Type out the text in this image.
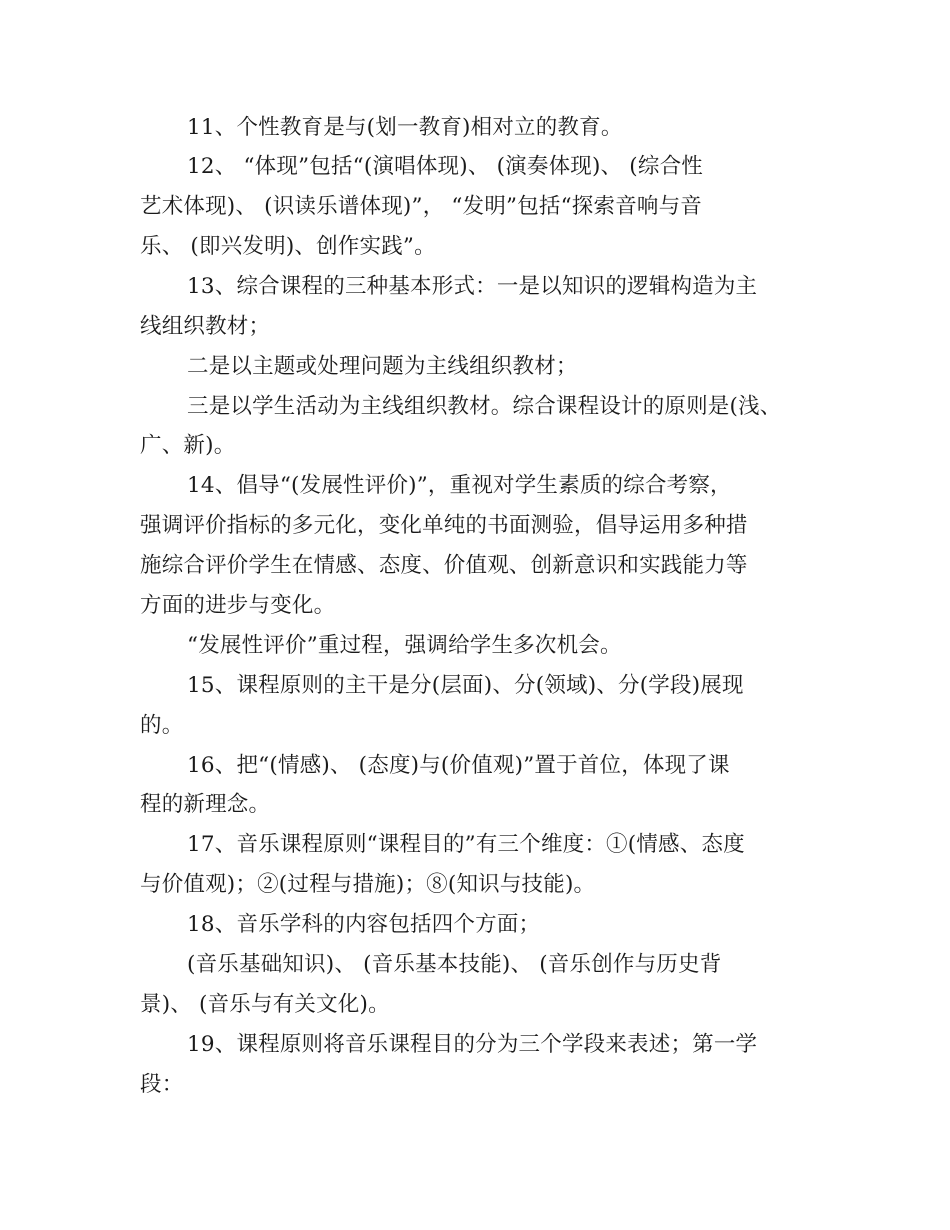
11、个性教育是与(划一教育)相对立的教育。
12、 “体现”包括“(演唱体现)、 (演奏体现)、 (综合性
艺术体现)、 (识读乐谱体现)”， “发明”包括“探索音响与音
乐、 (即兴发明)、创作实践”。
13、综合课程的三种基本形式：一是以知识的逻辑构造为主
线组织教材；
二是以主题或处理问题为主线组织教材；
三是以学生活动为主线组织教材。综合课程设计的原则是(浅、
广、新)。
14、倡导“(发展性评价)”，重视对学生素质的综合考察，
强调评价指标的多元化，变化单纯的书面测验，倡导运用多种措
施综合评价学生在情感、态度、价值观、创新意识和实践能力等
方面的进步与变化。
“发展性评价”重过程，强调给学生多次机会。
15、课程原则的主干是分(层面)、分(领域)、分(学段)展现
的。
16、把“(情感)、 (态度)与(价值观)”置于首位，体现了课
程的新理念。
17、音乐课程原则“课程目的”有三个维度：①(情感、态度
与价值观)；②(过程与措施)；⑧(知识与技能)。
18、音乐学科的内容包括四个方面；
(音乐基础知识)、 (音乐基本技能)、 (音乐创作与历史背
景)、 (音乐与有关文化)。
19、课程原则将音乐课程目的分为三个学段来表述；第一学
段：
